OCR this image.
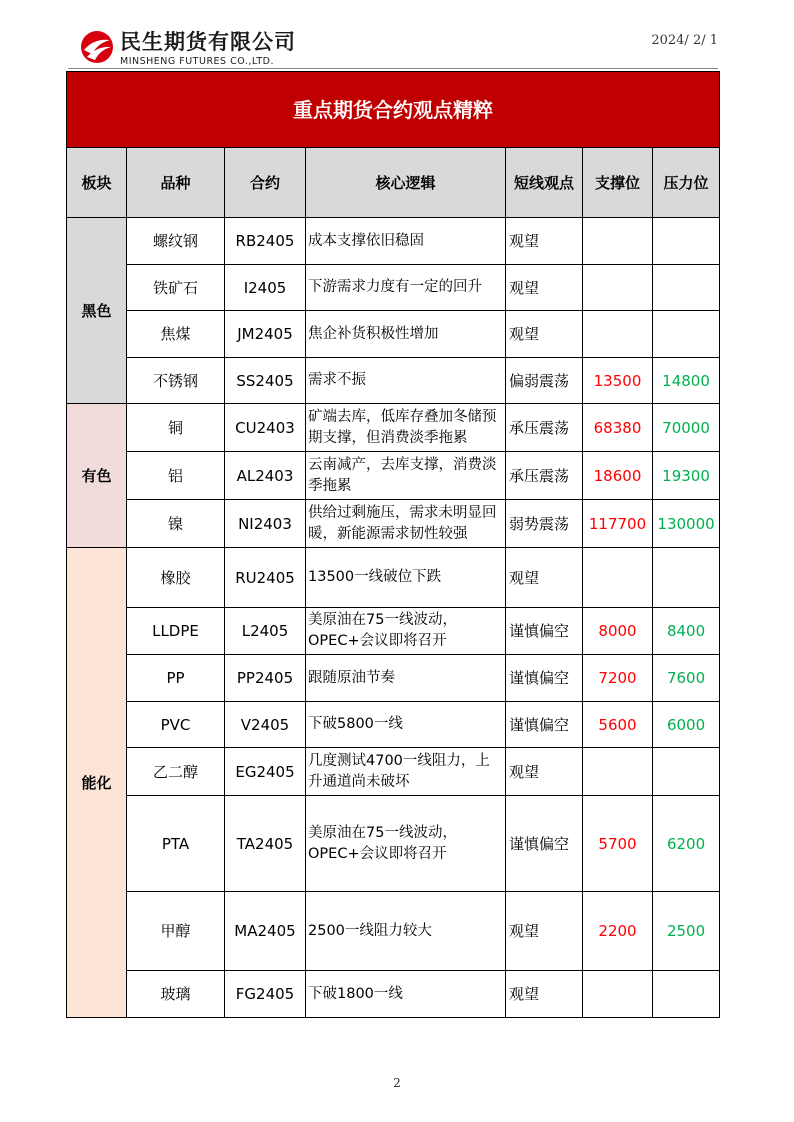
民生期货有限公司
MINSHENG FUTURES CO.,LTD.
2024/ 2/ 1
重点期货合约观点精粹						
板块	品种	合约	核心逻辑	短线观点	支撑位	压力位
黑色	螺纹钢	RB2405	成本支撑依旧稳固	观望		
	铁矿石	I2405	下游需求力度有一定的回升	观望		
	焦煤	JM2405	焦企补货积极性增加	观望		
	不锈钢	SS2405	需求不振	偏弱震荡	13500	14800
有色	铜	CU2403	矿端去库，低库存叠加冬储预期支撑，但消费淡季拖累	承压震荡	68380	70000
	铝	AL2403	云南减产，去库支撑，消费淡季拖累	承压震荡	18600	19300
	镍	NI2403	供给过剩施压，需求未明显回暖，新能源需求韧性较强	弱势震荡	117700	130000
能化	橡胶	RU2405	13500一线破位下跌	观望		
	LLDPE	L2405	美原油在75一线波动，OPEC+会议即将召开	谨慎偏空	8000	8400
	PP	PP2405	跟随原油节奏	谨慎偏空	7200	7600
	PVC	V2405	下破5800一线	谨慎偏空	5600	6000
	乙二醇	EG2405	几度测试4700一线阻力，上升通道尚未破坏	观望		
	PTA	TA2405	美原油在75一线波动，OPEC+会议即将召开	谨慎偏空	5700	6200
	甲醇	MA2405	2500一线阻力较大	观望	2200	2500
	玻璃	FG2405	下破1800一线	观望		
2
